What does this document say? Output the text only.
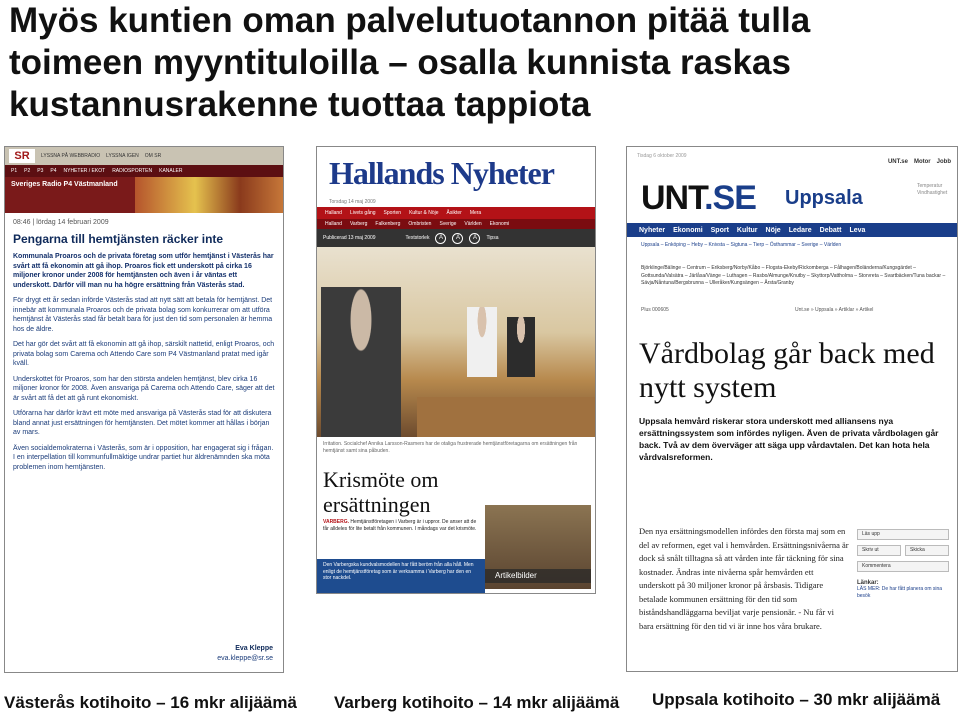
Myös kuntien oman palvelutuotannon pitää tulla
toimeen myyntituloilla – osalla kunnista raskas
kustannusrakenne tuottaa tappiota
SR	LYSSNA PÅ WEBBRADIO LYSSNA IGEN OM SR
P1 P2 P3 P4 NYHETER / EKOT RADIOSPORTEN KANALER
Sveriges Radio P4 Västmanland
08:46 | lördag 14 februari 2009
Pengarna till hemtjänsten räcker inte
Kommunala Proaros och de privata företag som utför hemtjänst i Västerås har svårt att få ekonomin att gå ihop. Proaros fick ett underskott på cirka 16 miljoner kronor under 2008 för hemtjänsten och även i år väntas ett underskott. Därför vill man nu ha högre ersättning från Västerås stad.
För drygt ett år sedan införde Västerås stad att nytt sätt att betala för hemtjänst. Det innebär att kommunala Proaros och de privata bolag som konkurrerar om att utföra hemtjänst åt Västerås stad får betalt bara för just den tid som personalen är hemma hos de äldre.
Det har gör det svårt att få ekonomin att gå ihop, särskilt nattetid, enligt Proaros, och privata bolag som Carema och Attendo Care som P4 Västmanland pratat med igår kväll.
Underskottet för Proaros, som har den största andelen hemtjänst, blev cirka 16 miljoner kronor för 2008. Även ansvariga på Carema och Attendo Care, säger att det är svårt att få det att gå runt ekonomiskt.
Utförarna har därför krävt ett möte med ansvariga på Västerås stad för att diskutera bland annat just ersättningen för hemtjänsten. Det mötet kommer att hållas i början av mars.
Även socialdemokraterna i Västerås, som är i opposition, har engagerat sig i frågan. I en interpellation till kommunfullmäktige undrar partiet hur äldrenämnden ska möta problemen inom hemtjänsten.
Eva Kleppe
eva.kleppe@sr.se
Hallands Nyheter
Torsdag 14 maj 2009
Halland Livets gång Sporten Kultur & Nöje Åsikter Mera
Halland Varberg Falkenberg Ombristen Sverige Världen Ekonomi
Publicerad 13 maj 2009	Textstorlek	A	A	A	Tipsa
Irritation. Socialchef Annika Larsson-Rasmers har de otaliga frustrerade hemtjänstföretagarna om ersättningen från hemtjänst samt sina påbuden.
Krismöte om ersättningen
VARBERG. Hemtjänstföretagen i Varberg är i uppror. De anser att de får alldeles för lite betalt från kommunen. I måndags var det krismöte.
Den Varbergska kundvalsmodellen har fått beröm från alla håll. Men enligt de hemtjänstföretag som är verksamma i Varberg har den en stor nackdel.	Artikelbilder
Tisdag 6 oktober 2009
UNT.se Motor Jobb
Temperatur Vindhastighet
UNT.SE Uppsala
Nyheter Ekonomi Sport Kultur Nöje Ledare Debatt Leva
Uppsala – Enköping – Heby – Knivsta – Sigtuna – Tierp – Östhammar – Sverige – Världen
Björklinge/Bälinge – Centrum – Eriksberg/Norby/Kåbo – Flogsta-Ekeby/Rickomberga – Fålhagen/Boländerna/Kungsgärdet – Gottsunda/Valsätra – Järlåsa/Vänge – Luthagen – Rasbo/Almunge/Knutby – Skyttorp/Vattholma – Storvreta – Svartbäcken/Tuna backar – Sävja/Nåntuna/Bergsbrunna – Ulleråker/Kungsängen – Årsta/Granby
Plus 000605	Unt.se » Uppsala » Artiklar » Artikel
Vårdbolag går back med nytt system
Uppsala hemvård riskerar stora underskott med alliansens nya ersättningssystem som infördes nyligen. Även de privata vårdbolagen går back. Två av dem överväger att säga upp vårdavtalen. Det kan hota hela vårdvalsreformen.
Den nya ersättningsmodellen infördes den första maj som en del av reformen, eget val i hemvården. Ersättningsnivåerna är dock så snålt tilltagna så att vården inte får täckning för sina kostnader. Ändras inte nivåerna spår hemvården ett underskott på 30 miljoner kronor på årsbasis. Tidigare betalade kommunen ersättning för den tid som biståndshandläggarna beviljat varje pensionär. - Nu får vi bara ersättning för den tid vi är inne hos våra brukare.
Läs upp
Skriv ut	Skicka
Kommentera
Länkar:
LÄS MER: De har fått planera om sina besök
Västerås kotihoito – 16 mkr alijäämä Varberg kotihoito – 14 mkr alijäämä Uppsala kotihoito – 30 mkr alijäämä
